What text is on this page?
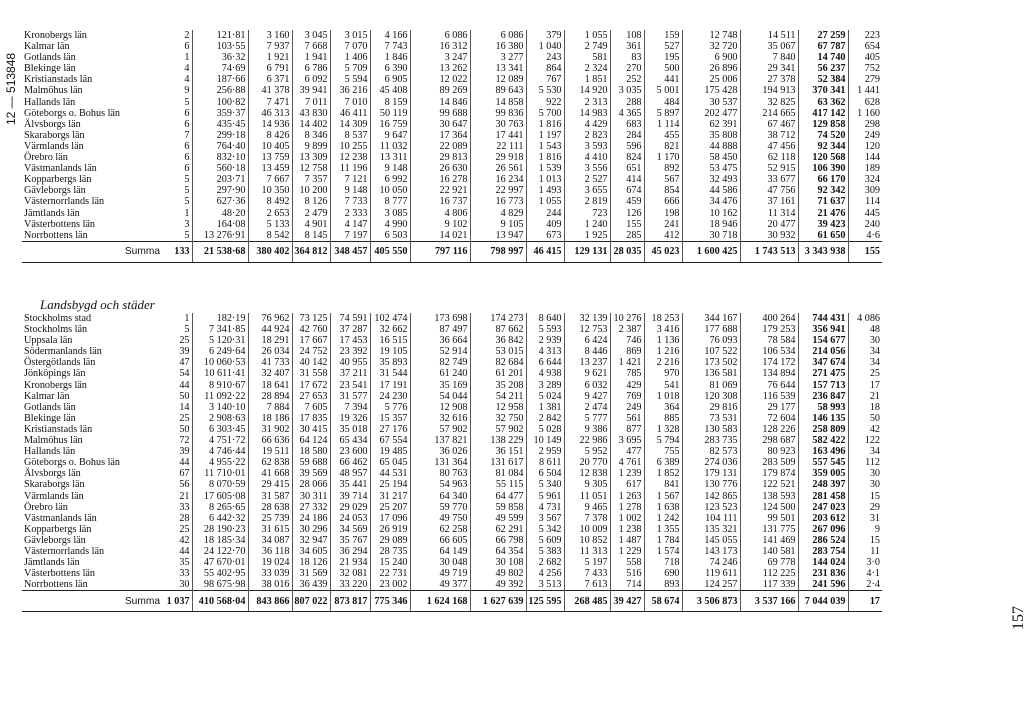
12 — 513848
157
Kronobergs län	2	121·81	3 160	3 045	3 015	4 166	6 086	6 086	379	1 055	108	159	12 748	14 511	27 259	223
Kalmar län	6	103·55	7 937	7 668	7 070	7 743	16 312	16 380	1 040	2 749	361	527	32 720	35 067	67 787	654
Gotlands län	1	36·32	1 921	1 941	1 406	1 846	3 247	3 277	243	581	83	195	6 900	7 840	14 740	405
Blekinge län	4	74·69	6 791	6 786	5 709	6 390	13 262	13 341	864	2 324	270	500	26 896	29 341	56 237	752
Kristianstads län	4	187·66	6 371	6 092	5 594	6 905	12 022	12 089	767	1 851	252	441	25 006	27 378	52 384	279
Malmöhus län	9	256·88	41 378	39 941	36 216	45 408	89 269	89 643	5 530	14 920	3 035	5 001	175 428	194 913	370 341	1 441
Hallands län	5	100·82	7 471	7 011	7 010	8 159	14 846	14 858	922	2 313	288	484	30 537	32 825	63 362	628
Göteborgs o. Bohus län	6	359·37	46 313	43 830	46 411	50 119	99 688	99 836	5 700	14 983	4 365	5 897	202 477	214 665	417 142	1 160
Älvsborgs län	6	435·45	14 936	14 402	14 309	16 759	30 647	30 763	1 816	4 429	683	1 114	62 391	67 467	129 858	298
Skaraborgs län	7	299·18	8 426	8 346	8 537	9 647	17 364	17 441	1 197	2 823	284	455	35 808	38 712	74 520	249
Värmlands län	6	764·40	10 405	9 899	10 255	11 032	22 089	22 111	1 543	3 593	596	821	44 888	47 456	92 344	120
Örebro län	6	832·10	13 759	13 309	12 238	13 311	29 813	29 918	1 816	4 410	824	1 170	58 450	62 118	120 568	144
Västmanlands län	6	560·18	13 459	12 758	11 196	9 148	26 630	26 561	1 539	3 556	651	892	53 475	52 915	106 390	189
Kopparbergs län	5	203·71	7 667	7 357	7 121	6 992	16 278	16 234	1 013	2 527	414	567	32 493	33 677	66 170	324
Gävleborgs län	5	297·90	10 350	10 200	9 148	10 050	22 921	22 997	1 493	3 655	674	854	44 586	47 756	92 342	309
Västernorrlands län	5	627·36	8 492	8 126	7 733	8 777	16 737	16 773	1 055	2 819	459	666	34 476	37 161	71 637	114
Jämtlands län	1	48·20	2 653	2 479	2 333	3 085	4 806	4 829	244	723	126	198	10 162	11 314	21 476	445
Västerbottens län	3	164·08	5 133	4 901	4 147	4 990	9 102	9 105	409	1 240	155	241	18 946	20 477	39 423	240
Norrbottens län	5	13 276·91	8 542	8 145	7 197	6 503	14 021	13 947	673	1 925	285	412	30 718	30 932	61 650	4·6
Summa	133	21 538·68	380 402	364 812	348 457	405 550	797 116	798 997	46 415	129 131	28 035	45 023	1 600 425	1 743 513	3 343 938	155
Landsbygd och städer
Stockholms stad	1	182·19	76 962	73 125	74 591	102 474	173 698	174 273	8 640	32 139	10 276	18 253	344 167	400 264	744 431	4 086
Stockholms län	5	7 341·85	44 924	42 760	37 287	32 662	87 497	87 662	5 593	12 753	2 387	3 416	177 688	179 253	356 941	48
Uppsala län	25	5 120·31	18 291	17 667	17 453	16 515	36 664	36 842	2 939	6 424	746	1 136	76 093	78 584	154 677	30
Södermanlands län	39	6 249·64	26 034	24 752	23 392	19 105	52 914	53 015	4 313	8 446	869	1 216	107 522	106 534	214 056	34
Östergötlands län	47	10 060·53	41 733	40 142	40 955	35 893	82 749	82 684	6 644	13 237	1 421	2 216	173 502	174 172	347 674	34
Jönköpings län	54	10 611·41	32 407	31 558	37 211	31 544	61 240	61 201	4 938	9 621	785	970	136 581	134 894	271 475	25
Kronobergs län	44	8 910·67	18 641	17 672	23 541	17 191	35 169	35 208	3 289	6 032	429	541	81 069	76 644	157 713	17
Kalmar län	50	11 092·22	28 894	27 653	31 577	24 230	54 044	54 211	5 024	9 427	769	1 018	120 308	116 539	236 847	21
Gotlands län	14	3 140·10	7 884	7 605	7 394	5 776	12 908	12 958	1 381	2 474	249	364	29 816	29 177	58 993	18
Blekinge län	25	2 908·63	18 186	17 835	19 326	15 357	32 616	32 750	2 842	5 777	561	885	73 531	72 604	146 135	50
Kristianstads län	50	6 303·45	31 902	30 415	35 018	27 176	57 902	57 902	5 028	9 386	877	1 328	130 583	128 226	258 809	42
Malmöhus län	72	4 751·72	66 636	64 124	65 434	67 554	137 821	138 229	10 149	22 986	3 695	5 794	283 735	298 687	582 422	122
Hallands län	39	4 746·44	19 511	18 580	23 600	19 485	36 026	36 151	2 959	5 952	477	755	82 573	80 923	163 496	34
Göteborgs o. Bohus län	44	4 955·22	62 838	59 688	66 462	65 045	131 364	131 617	8 611	20 770	4 761	6 389	274 036	283 509	557 545	112
Älvsborgs län	67	11 710·01	41 668	39 569	48 957	44 531	80 763	81 084	6 504	12 838	1 239	1 852	179 131	179 874	359 005	30
Skaraborgs län	56	8 070·59	29 415	28 066	35 441	25 194	54 963	55 115	5 340	9 305	617	841	130 776	122 521	248 397	30
Värmlands län	21	17 605·08	31 587	30 311	39 714	31 217	64 340	64 477	5 961	11 051	1 263	1 567	142 865	138 593	281 458	15
Örebro län	33	8 265·65	28 638	27 332	29 029	25 207	59 770	59 858	4 731	9 465	1 278	1 638	123 523	124 500	247 023	29
Västmanlands län	28	6 442·32	25 739	24 186	24 053	17 096	49 750	49 599	3 567	7 378	1 002	1 242	104 111	99 501	203 612	31
Kopparbergs län	25	28 190·23	31 615	30 296	34 569	26 919	62 258	62 291	5 342	10 009	1 238	1 355	135 321	131 775	267 096	9
Gävleborgs län	42	18 185·34	34 087	32 947	35 767	29 089	66 605	66 798	5 609	10 852	1 487	1 784	145 055	141 469	286 524	15
Västernorrlands län	44	24 122·70	36 118	34 605	36 294	28 735	64 149	64 354	5 383	11 313	1 229	1 574	143 173	140 581	283 754	11
Jämtlands län	35	47 670·01	19 024	18 126	21 934	15 240	30 048	30 108	2 682	5 197	558	718	74 246	69 778	144 024	3·0
Västerbottens län	33	55 402·95	33 039	31 569	32 081	22 731	49 719	49 802	4 256	7 433	516	690	119 611	112 225	231 836	4·1
Norrbottens län	30	98 675·98	38 016	36 439	33 220	23 002	49 377	49 392	3 513	7 613	714	893	124 257	117 339	241 596	2·4
Summa	1 037	410 568·04	843 866	807 022	873 817	775 346	1 624 168	1 627 639	125 595	268 485	39 427	58 674	3 506 873	3 537 166	7 044 039	17
